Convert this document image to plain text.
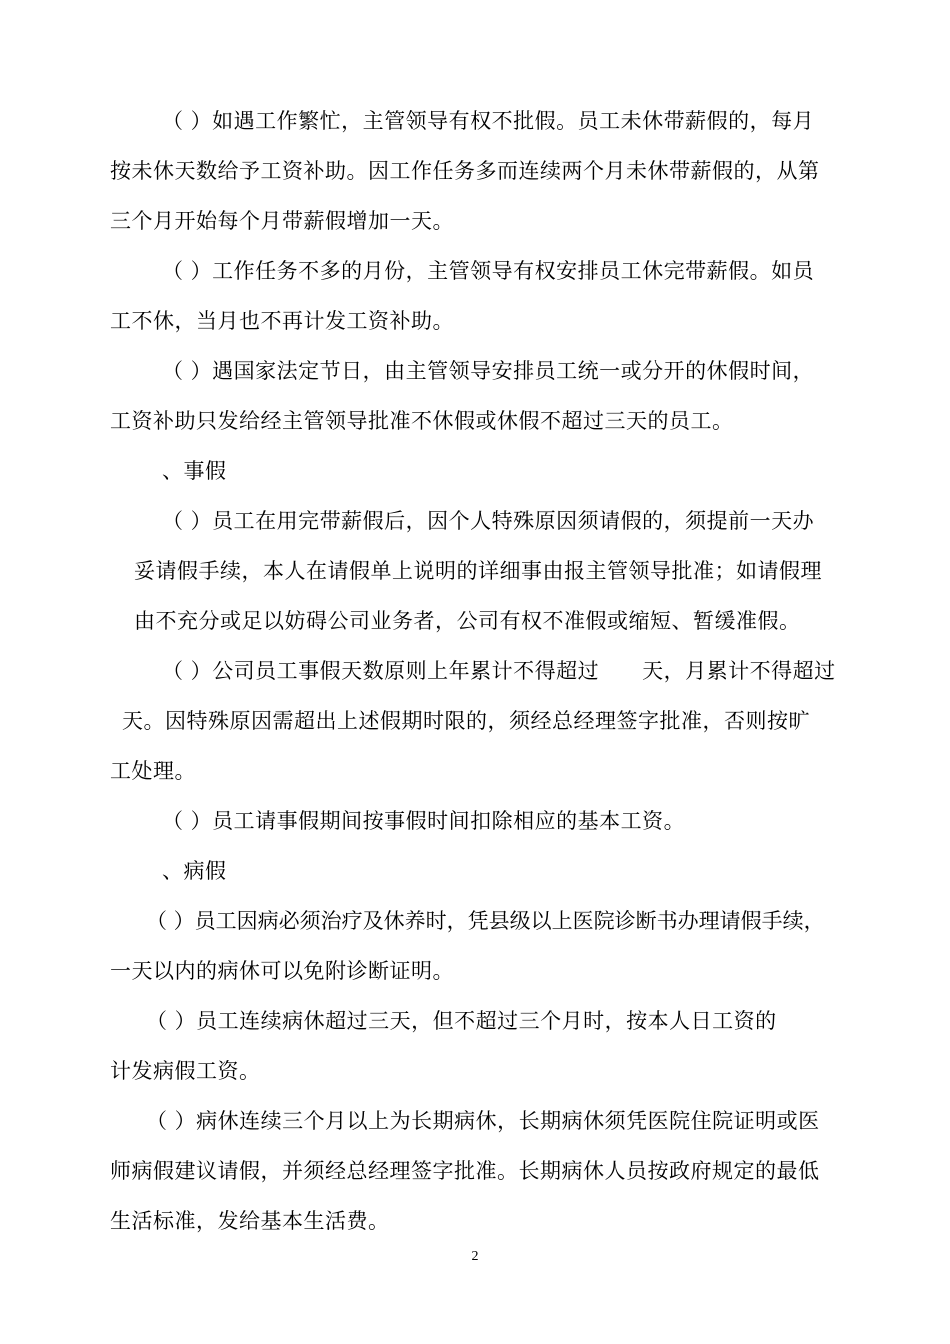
（ ）如遇工作繁忙，主管领导有权不批假。员工未休带薪假的，每月
按未休天数给予工资补助。因工作任务多而连续两个月未休带薪假的，从第
三个月开始每个月带薪假增加一天。
（ ）工作任务不多的月份，主管领导有权安排员工休完带薪假。如员
工不休，当月也不再计发工资补助。
（ ）遇国家法定节日，由主管领导安排员工统一或分开的休假时间，
工资补助只发给经主管领导批准不休假或休假不超过三天的员工。
、事假
（ ）员工在用完带薪假后，因个人特殊原因须请假的，须提前一天办
妥请假手续，本人在请假单上说明的详细事由报主管领导批准；如请假理
由不充分或足以妨碍公司业务者，公司有权不准假或缩短、暂缓准假。
（ ）公司员工事假天数原则上年累计不得超过　　天，月累计不得超过
天。因特殊原因需超出上述假期时限的，须经总经理签字批准，否则按旷
工处理。
（ ）员工请事假期间按事假时间扣除相应的基本工资。
、病假
（ ）员工因病必须治疗及休养时，凭县级以上医院诊断书办理请假手续，
一天以内的病休可以免附诊断证明。
（ ）员工连续病休超过三天，但不超过三个月时，按本人日工资的
计发病假工资。
（ ）病休连续三个月以上为长期病休，长期病休须凭医院住院证明或医
师病假建议请假，并须经总经理签字批准。长期病休人员按政府规定的最低
生活标准，发给基本生活费。
2
